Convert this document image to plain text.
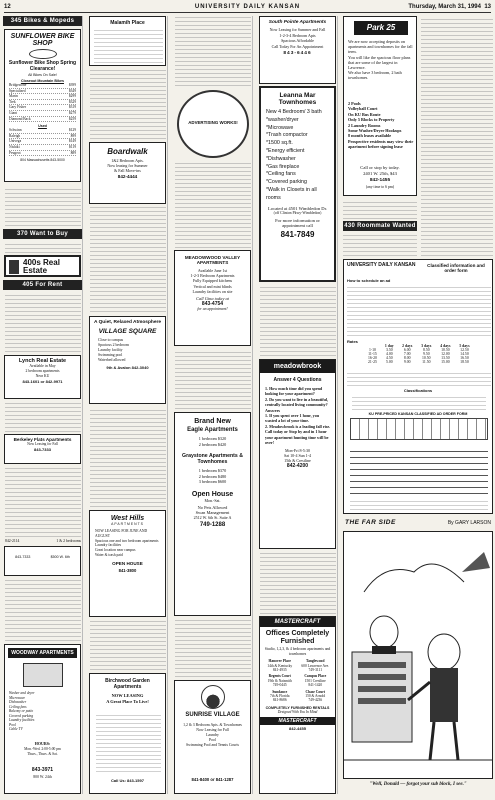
12	UNIVERSITY DAILY KANSAN	Thursday, March 31, 1994 13
345 Bikes & Mopeds
SUNFLOWER BIKE SHOP
Sunflower Bike Shop Spring Clearance!
All Bikes On Sale!
Closeout Mountain Bikes
Bridgestone	$399
Specialized	$349
Marin	$299
Trek	$329
Gary Fisher	$319
Giant	$279
Diamond Back	$259
Used
Schwinn	$129
Raleigh	$99
Univega	$149
Nishiki	$119
Peugeot	$89
804 Massachusetts 843-5000
370 Want to Buy
400s Real Estate
405 For Rent
Lynch Real Estate
Available in May
2 bedroom apartments
Near KU
843-1601 or 842-9971
Berkeley Flats Apartments
Now Leasing for Fall
843-7333
842-2114	1 & 2 bedrooms
843-7333	$500 W. 6th
WOODWAY APARTMENTS
Washer and dryer
Microwave
Dishwasher
Ceiling fans
Balcony or patio
Covered parking
Laundry facilities
Pool
Cable TV
HOURS:
Mon.-Wed. 2:00-5:00 pm
Thurs., Thurs. & Sat.
843-3971
800 W. 24th
Malamih Place
Boardwalk
1&2 Bedroom Apts.
Now leasing for Summer
& Fall Move-ins
842-4444
A Quiet, Relaxed Atmosphere
VILLAGE SQUARE
Close to campus
Spacious 2 bedroom
Laundry facility
Swimming pool
Waterbed allowed
9th & Avalon 842-3040
West Hills
APARTMENTS
NOW LEASING FOR JUNE AND AUGUST
Spacious one and two bedroom apartments
Laundry facilities
Great location near campus
Water & trash paid
OPEN HOUSE
841-3800
Birchwood Garden Apartments
NOW LEASING
A Great Place To Live!
Call Us: 843-1597
ADVERTISING WORKS!
MEADOWWOOD VALLEY APARTMENTS
Available June 1st
1-2-3 Bedroom Apartments
Fully Equipped kitchens
Vertical and mini blinds
Laundry facilities on site
Call Gina today at
843-4754
for an appointment!
Brand New
Eagle Apartments
1 bedroom $320
2 bedroom $420
Graystone Apartments & Townhomes
1 bedroom $370
2 bedroom $480
3 bedroom $600
Open House
Mon.-Sat.
No Pets Allowed
Swan Management
2512 W. 6th St. Suite A
749-1288
SUNRISE VILLAGE
1,2 & 3 Bedroom Apts. & Townhomes
Now Leasing for Fall
Laundry
Pool
Swimming Pool and Tennis Courts
841-8400 or 841-1287
South Pointe Apartments
Now Leasing for Summer and Fall
1-2-3-4 Bedroom Apts
Spacious Affordable
Call Today For An Appointment
843-6446
Leanna Mar Townhomes
New 4 Bedroom/ 3 bath
*washer/dryer
*Microwave
*Trash compactor
*1500 sq.ft.
*Energy efficient
*Dishwasher
*Gas fireplace
*Ceiling fans
*Covered parking
*Walk in Closets in all rooms
Located at 4501 Wimbledon Dr.
(off Clinton Pkwy-Wimbledon)
For more information or appointment call
841-7849
meadowbrook
Answer 4 Questions
1. How much time did you spend looking for your apartment?
2. Do you want to live in a beautiful, centrally located living community?
Answers
1. If you spent over 1 hour, you wasted a lot of your time.
2. Meadowbrook is a leading fall rise. Call today or Stop by and in 1 hour your apartment hunting time will be over!
Mon-Fri 8-5:30
Sat 10-4 Sun 1-4
15th & Crestline
842-4200
MASTERCRAFT
Offices Completely Furnished
Studio, 1,2,3, & 4 bedroom apartments and townhomes
Hanover Place
14th & Kentucky
841-4935
Tanglewood
600 Lawrence Ave.
749-3111
Regents Court
19th & Naismith
749-0445
Campus Place
1501 Crestline
841-1420
Sundance
7th & Florida
841-8686
Chase Court
150 & Arnold
749-4236
COMPLETELY FURNISHED RENTALS
Designed With You In Mind
MASTERCRAFT
842-4455
Park 25
We are now accepting deposits on apartments and townhomes for the fall term.
You will like the spacious floor plans that are some of the largest in Lawrence.
We also have 3 bedroom, 2 bath townhomes.
2 Pools
Volleyball Court
On KU Bus Route
Only 5 Blocks to Property
2 Laundry Rooms
Some Washer/Dryer Hookups
8 month leases available
Prospective residents may view their apartment before signing lease
Call or stop by today.
2401 W. 25th, $43
842-1455
(any time to 6 pm)
430 Roommate Wanted
UNIVERSITY DAILY KANSAN	Classified information and order form
How to schedule an ad
Rates
	1 day	2 days	3 days	4 days	5 days
1-10	3.50	6.00	8.50	10.50	12.50
11-15	4.00	7.00	9.50	12.00	14.50
16-20	4.50	8.00	10.50	13.50	16.50
21-25	5.00	9.00	11.50	15.00	18.50
Classifications
KU PRE-PRICED KANSAN CLASSIFIED AD ORDER FORM
THE FAR SIDE	By GARY LARSON
"Well, Donald — forgot your sub block, I see."
